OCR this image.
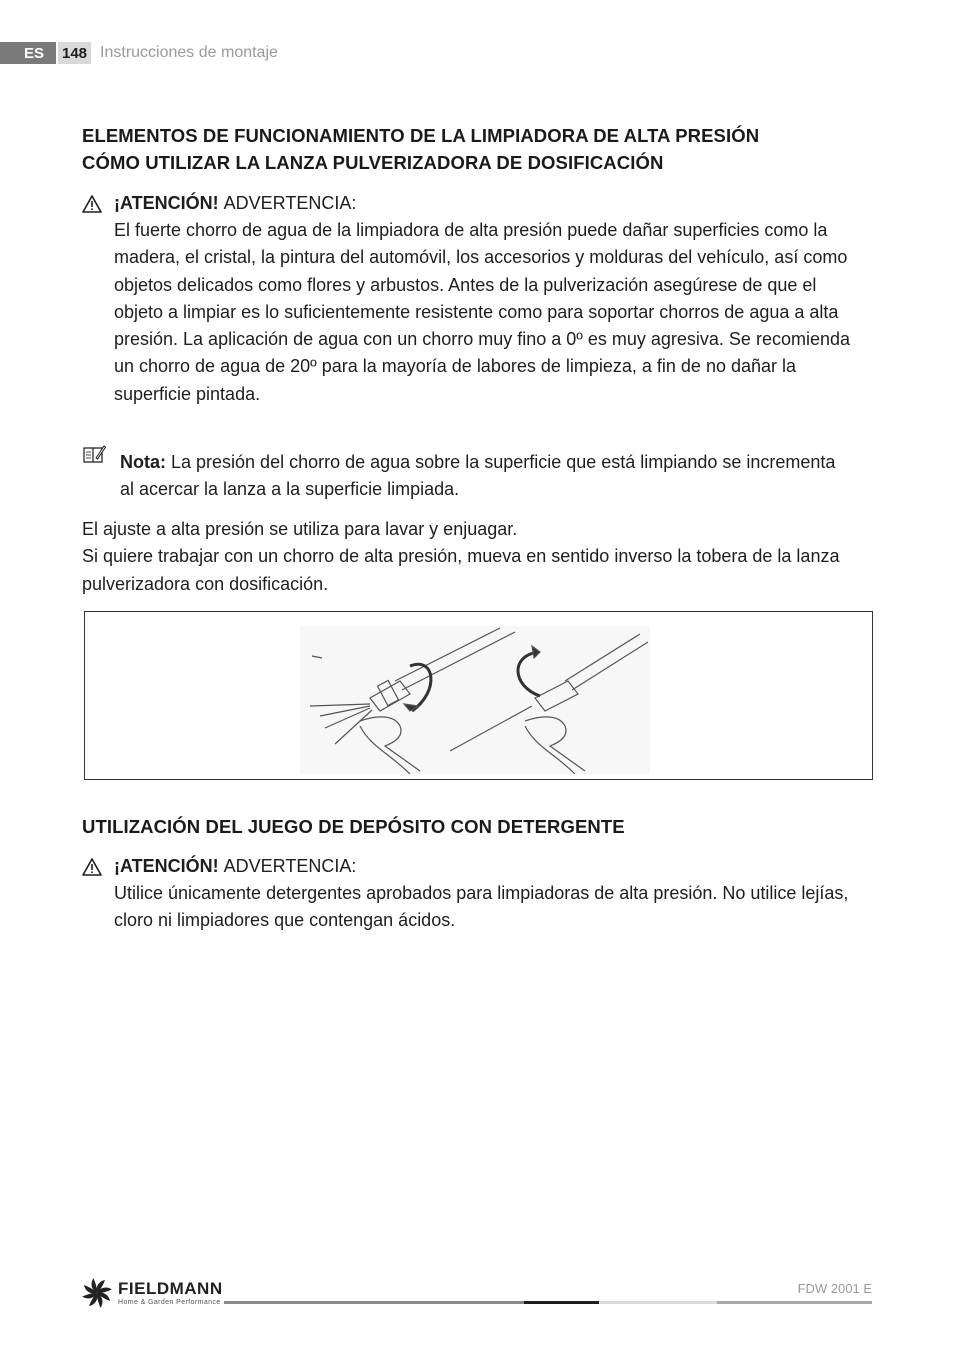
ES	148 Instrucciones de montaje
ELEMENTOS DE FUNCIONAMIENTO DE LA LIMPIADORA DE ALTA PRESIÓN
CÓMO UTILIZAR LA LANZA PULVERIZADORA DE DOSIFICACIÓN
¡ATENCIÓN! ADVERTENCIA:
El fuerte chorro de agua de la limpiadora de alta presión puede dañar superficies como la
madera, el cristal, la pintura del automóvil, los accesorios y molduras del vehículo, así como
objetos delicados como flores y arbustos. Antes de la pulverización asegúrese de que el
objeto a limpiar es lo suficientemente resistente como para soportar chorros de agua a alta
presión. La aplicación de agua con un chorro muy fino a 0º es muy agresiva. Se recomienda
un chorro de agua de 20º para la mayoría de labores de limpieza, a fin de no dañar la
superficie pintada.
Nota: La presión del chorro de agua sobre la superficie que está limpiando se incrementa
al acercar la lanza a la superficie limpiada.

El ajuste a alta presión se utiliza para lavar y enjuagar.

Si quiere trabajar con un chorro de alta presión, mueva en sentido inverso la tobera de la lanza

pulverizadora con dosificación.

UTILIZACIÓN DEL JUEGO DE DEPÓSITO CON DETERGENTE
¡ATENCIÓN! ADVERTENCIA:
Utilice únicamente detergentes aprobados para limpiadoras de alta presión. No utilice lejías,
cloro ni limpiadores que contengan ácidos.
FIELDMANN
Home & Garden Performance
FDW 2001 E
